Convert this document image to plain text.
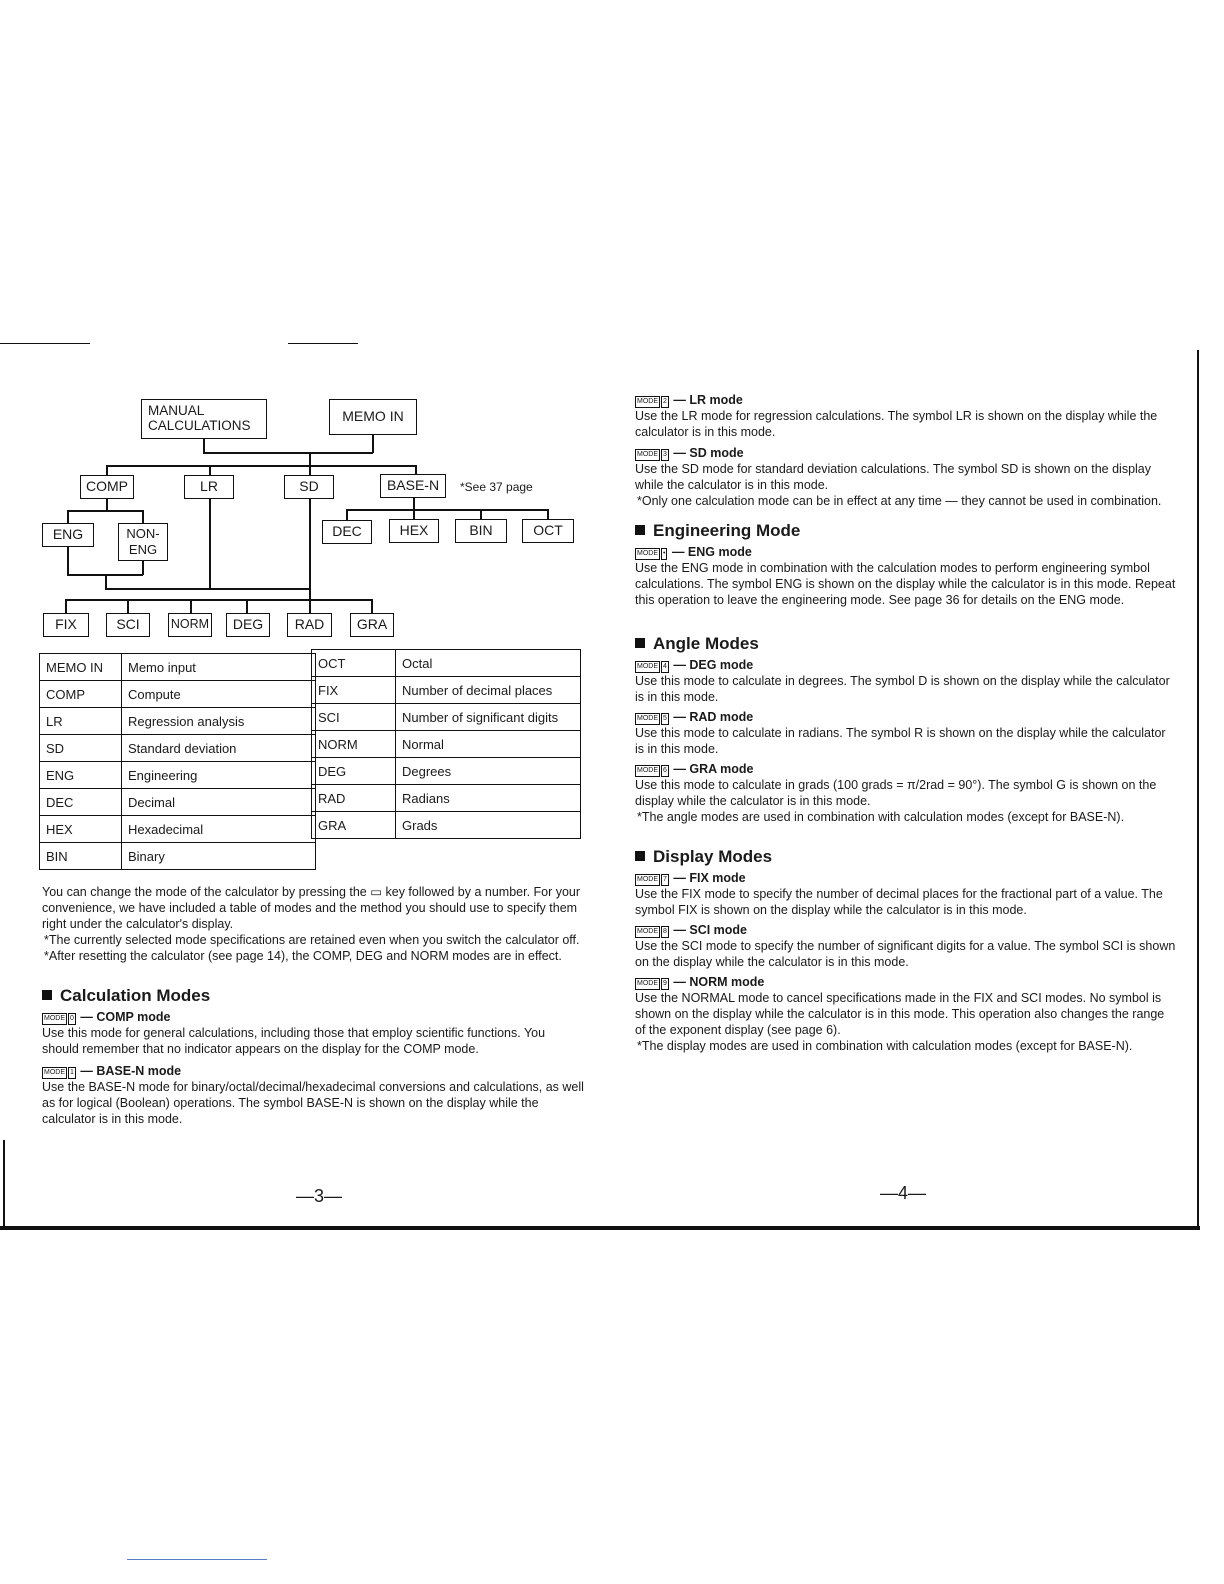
MANUAL CALCULATIONS
MEMO IN
COMP	LR	SD	BASE-N	*See 37 page
ENG	NON-ENG
DEC	HEX	BIN	OCT
FIX	SCI	NORM	DEG	RAD	GRA
MEMO IN	Memo input
COMP	Compute
LR	Regression analysis
SD	Standard deviation
ENG	Engineering
DEC	Decimal
HEX	Hexadecimal
BIN	Binary
OCT	Octal
FIX	Number of decimal places
SCI	Number of significant digits
NORM	Normal
DEG	Degrees
RAD	Radians
GRA	Grads

You can change the mode of the calculator by pressing the ▭ key followed by a number. For your convenience, we have included a table of modes and the method you should use to specify them right under the calculator's display.

*The currently selected mode specifications are retained even when you switch the calculator off.

*After resetting the calculator (see page 14), the COMP, DEG and NORM modes are in effect.

Calculation Modes

MODE 0 — COMP mode

Use this mode for general calculations, including those that employ scientific functions. You should remember that no indicator appears on the display for the COMP mode.

MODE 1 — BASE-N mode

Use the BASE-N mode for binary/octal/decimal/hexadecimal conversions and calculations, as well as for logical (Boolean) operations. The symbol BASE-N is shown on the display while the calculator is in this mode.

—3—

MODE 2 — LR mode

Use the LR mode for regression calculations. The symbol LR is shown on the display while the calculator is in this mode.

MODE 3 — SD mode

Use the SD mode for standard deviation calculations. The symbol SD is shown on the display while the calculator is in this mode.

*Only one calculation mode can be in effect at any time — they cannot be used in combination.

Engineering Mode

MODE • — ENG mode

Use the ENG mode in combination with the calculation modes to perform engineering symbol calculations. The symbol ENG is shown on the display while the calculator is in this mode. Repeat this operation to leave the engineering mode. See page 36 for details on the ENG mode.

Angle Modes

MODE 4 — DEG mode

Use this mode to calculate in degrees. The symbol D is shown on the display while the calculator is in this mode.

MODE 5 — RAD mode

Use this mode to calculate in radians. The symbol R is shown on the display while the calculator is in this mode.

MODE 6 — GRA mode

Use this mode to calculate in grads (100 grads = π/2rad = 90°). The symbol G is shown on the display while the calculator is in this mode.

*The angle modes are used in combination with calculation modes (except for BASE-N).

Display Modes

MODE 7 — FIX mode

Use the FIX mode to specify the number of decimal places for the fractional part of a value. The symbol FIX is shown on the display while the calculator is in this mode.

MODE 8 — SCI mode

Use the SCI mode to specify the number of significant digits for a value. The symbol SCI is shown on the display while the calculator is in this mode.

MODE 9 — NORM mode

Use the NORMAL mode to cancel specifications made in the FIX and SCI modes. No symbol is shown on the display while the calculator is in this mode. This operation also changes the range of the exponent display (see page 6).

*The display modes are used in combination with calculation modes (except for BASE-N).

—4—
